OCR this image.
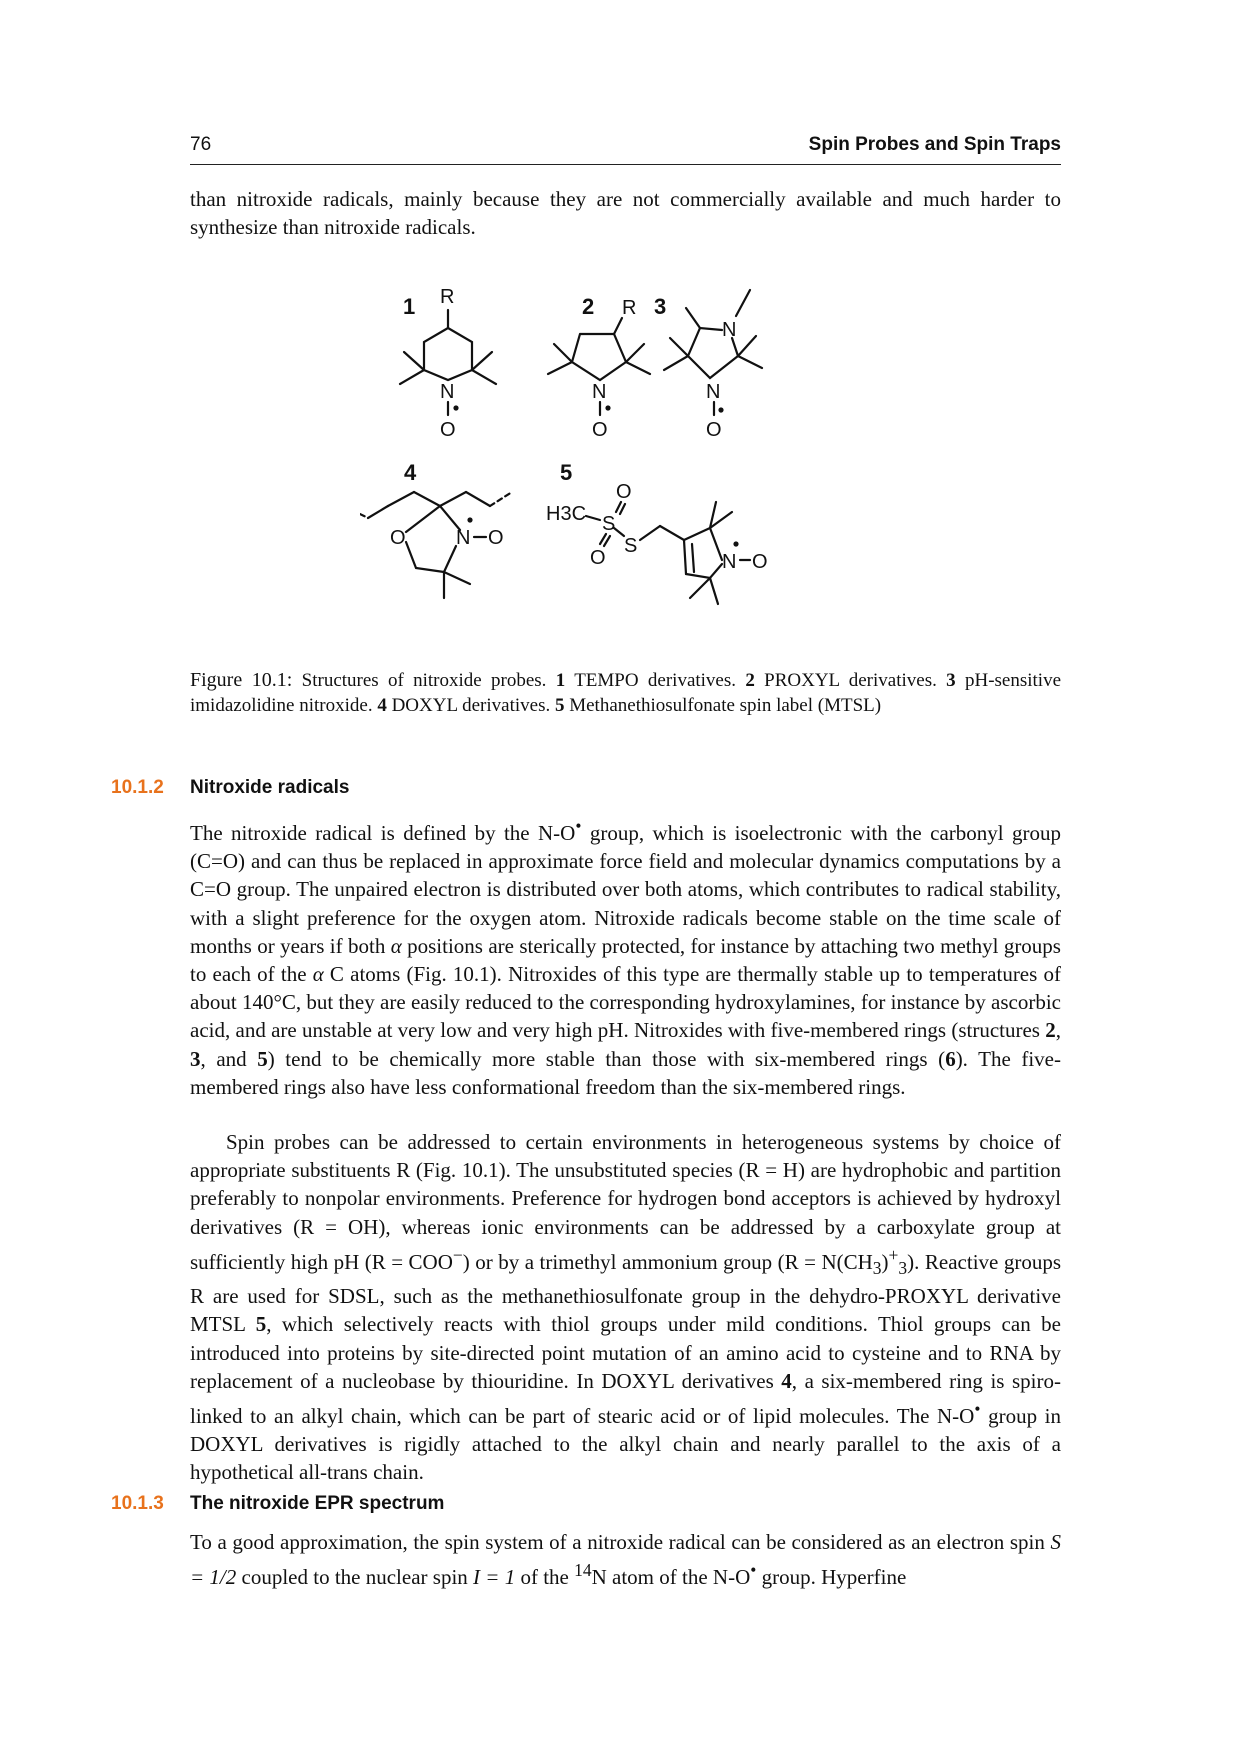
76	Spin Probes and Spin Traps
than nitroxide radicals, mainly because they are not commercially available and much harder to synthesize than nitroxide radicals.
1 R
N
O
2 R
N
O
3
N
N
O
4
O	N O
5
H3C
O
S
O
S
N O
Figure 10.1: Structures of nitroxide probes. 1 TEMPO derivatives. 2 PROXYL derivatives. 3 pH-sensitive imidazolidine nitroxide. 4 DOXYL derivatives. 5 Methanethiosulfonate spin label (MTSL)
10.1.2 Nitroxide radicals
The nitroxide radical is defined by the N-O• group, which is isoelectronic with the carbonyl group (C=O) and can thus be replaced in approximate force field and molecular dynamics computations by a C=O group. The unpaired electron is distributed over both atoms, which contributes to radical stability, with a slight preference for the oxygen atom. Nitroxide radicals become stable on the time scale of months or years if both α positions are sterically protected, for instance by attaching two methyl groups to each of the α C atoms (Fig. 10.1). Nitroxides of this type are thermally stable up to temperatures of about 140°C, but they are easily reduced to the corresponding hydroxylamines, for instance by ascorbic acid, and are unstable at very low and very high pH. Nitroxides with five-membered rings (structures 2, 3, and 5) tend to be chemically more stable than those with six-membered rings (6). The five-membered rings also have less conformational freedom than the six-membered rings.
Spin probes can be addressed to certain environments in heterogeneous systems by choice of appropriate substituents R (Fig. 10.1). The unsubstituted species (R = H) are hydrophobic and partition preferably to nonpolar environments. Preference for hydrogen bond acceptors is achieved by hydroxyl derivatives (R = OH), whereas ionic environments can be addressed by a carboxylate group at sufficiently high pH (R = COO−) or by a trimethyl ammonium group $(R = N(CH_3)^+_3)$. Reactive groups R are used for SDSL, such as the methanethiosulfonate group in the dehydro-PROXYL derivative MTSL 5, which selectively reacts with thiol groups under mild conditions. Thiol groups can be introduced into proteins by site-directed point mutation of an amino acid to cysteine and to RNA by replacement of a nucleobase by thiouridine. In DOXYL derivatives 4, a six-membered ring is spiro-linked to an alkyl chain, which can be part of stearic acid or of lipid molecules. The N-O• group in DOXYL derivatives is rigidly attached to the alkyl chain and nearly parallel to the axis of a hypothetical all-trans chain.
10.1.3 The nitroxide EPR spectrum
To a good approximation, the spin system of a nitroxide radical can be considered as an electron spin S = 1/2 coupled to the nuclear spin I = 1 of the $^{14}$N atom of the N-O• group. Hyperfine
